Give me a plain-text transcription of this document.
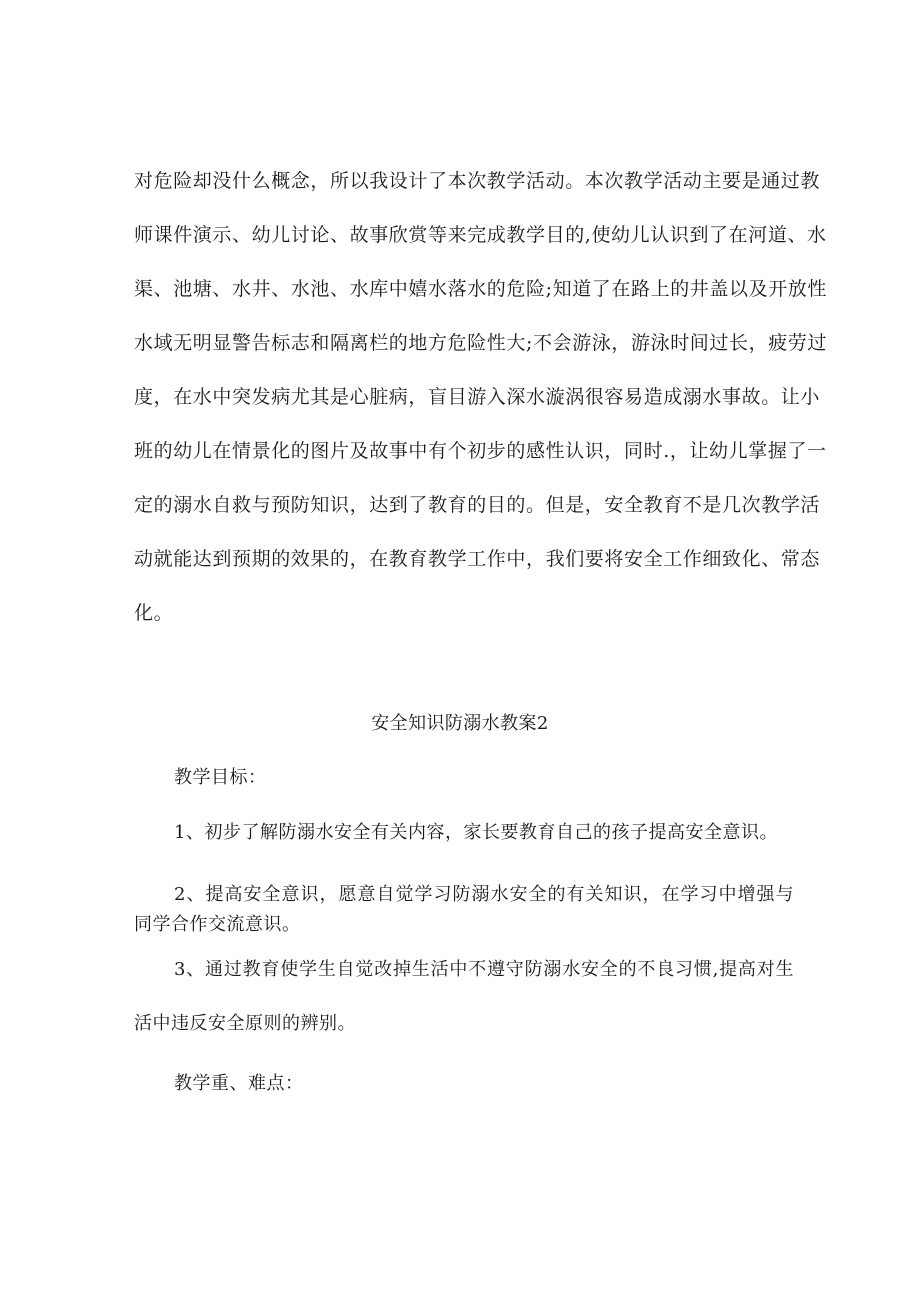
对危险却没什么概念，所以我设计了本次教学活动。本次教学活动主要是通过教
师课件演示、幼儿讨论、故事欣赏等来完成教学目的,使幼儿认识到了在河道、水
渠、池塘、水井、水池、水库中嬉水落水的危险;知道了在路上的井盖以及开放性
水域无明显警告标志和隔离栏的地方危险性大;不会游泳，游泳时间过长，疲劳过
度，在水中突发病尤其是心脏病，盲目游入深水漩涡很容易造成溺水事故。让小
班的幼儿在情景化的图片及故事中有个初步的感性认识，同时.，让幼儿掌握了一
定的溺水自救与预防知识，达到了教育的目的。但是，安全教育不是几次教学活
动就能达到预期的效果的，在教育教学工作中，我们要将安全工作细致化、常态
化。
安全知识防溺水教案2
教学目标：
1、初步了解防溺水安全有关内容，家长要教育自己的孩子提高安全意识。
2、提高安全意识，愿意自觉学习防溺水安全的有关知识，在学习中增强与
同学合作交流意识。
3、通过教育使学生自觉改掉生活中不遵守防溺水安全的不良习惯,提高对生
活中违反安全原则的辨别。
教学重、难点：
